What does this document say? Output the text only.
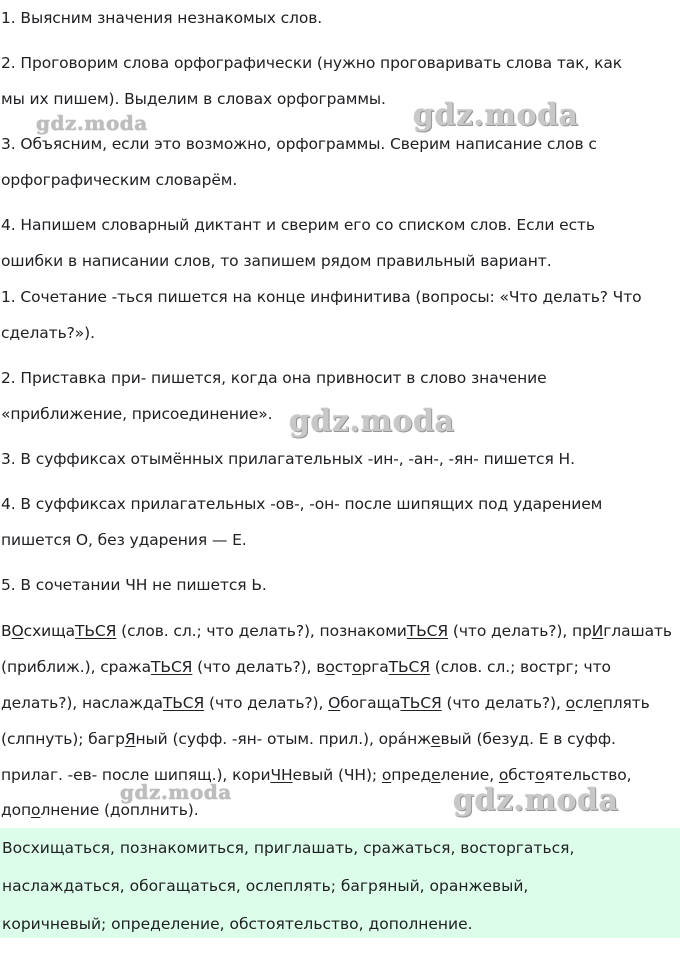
1. Выясним значения незнакомых слов.

2. Проговорим слова орфографически (нужно проговаривать слова так, как

мы их пишем). Выделим в словах орфограммы.

3. Объясним, если это возможно, орфограммы. Сверим написание слов с

орфографическим словарём.

4. Напишем словарный диктант и сверим его со списком слов. Если есть

ошибки в написании слов, то запишем рядом правильный вариант.

1. Сочетание -ться пишется на конце инфинитива (вопросы: «Что делать? Что

сделать?»).

2. Приставка при- пишется, когда она привносит в слово значение

«приближение, присоединение».

3. В суффиксах отымённых прилагательных -ин-, -ан-, -ян- пишется Н.

4. В суффиксах прилагательных -ов-, -он- после шипящих под ударением

пишется О, без ударения — Е.

5. В сочетании ЧН не пишется Ь.

ВОсхищаТЬСЯ (слов. сл.; что делать?), познакомиТЬСЯ (что делать?), прИглашать

(приближ.), сражаТЬСЯ (что делать?), восторгаТЬСЯ (слов. сл.; вострг; что

делать?), наслаждаТЬСЯ (что делать?), ОбогащаТЬСЯ (что делать?), ослеплять

(слпнуть); багрЯный (суфф. -ян- отым. прил.), ора́нжевый (безуд. Е в суфф.

прилаг. -ев- после шипящ.), кориЧНевый (ЧН); определение, обстоятельство,

дополнение (доплнить).

Восхищаться, познакомиться, приглашать, сражаться, восторгаться,
наслаждаться, обогащаться, ослеплять; багряный, оранжевый,
коричневый; определение, обстоятельство, дополнение.
gdz.moda	gdz.moda
gdz.moda
gdz.moda	gdz.moda
